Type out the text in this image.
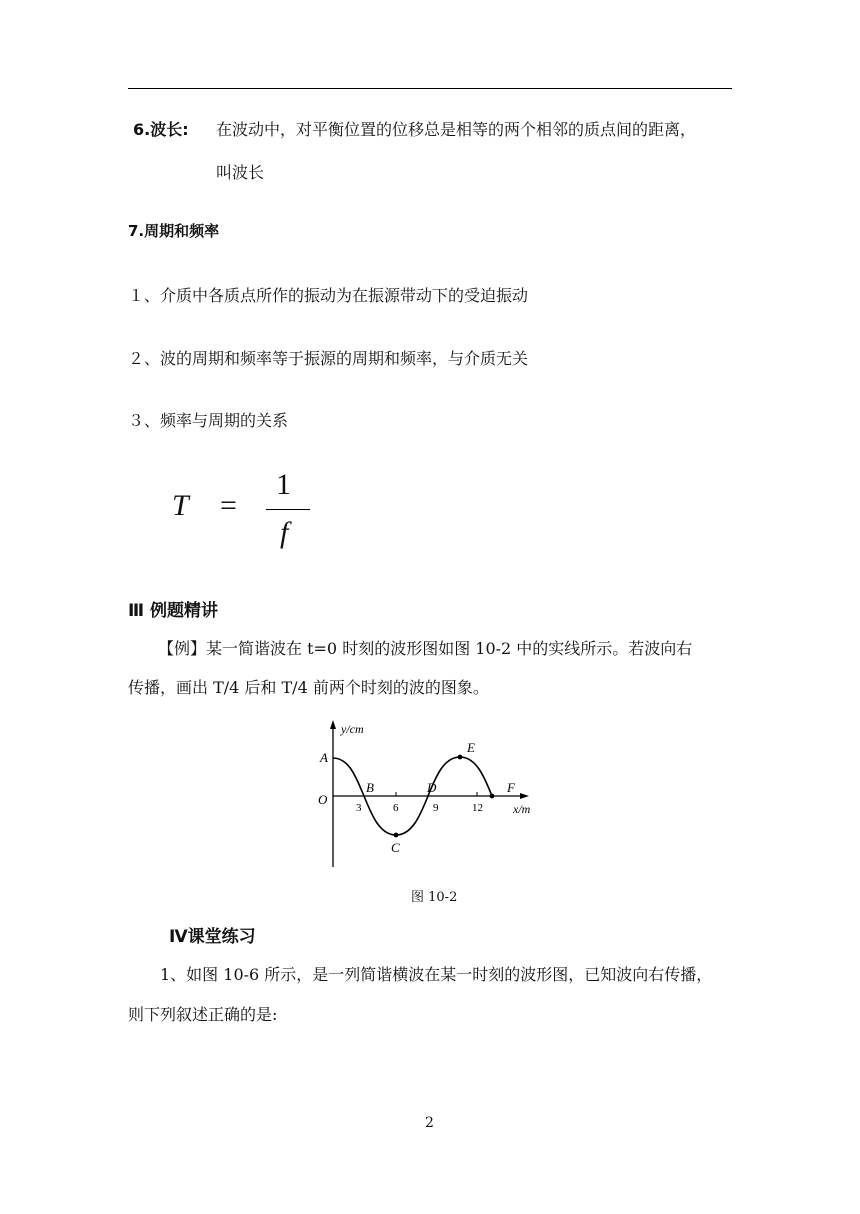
6.波长: 在波动中，对平衡位置的位移总是相等的两个相邻的质点间的距离，
叫波长
7.周期和频率
１、介质中各质点所作的振动为在振源带动下的受迫振动
２、波的周期和频率等于振源的周期和频率，与介质无关
３、频率与周期的关系
T =
1
f
Ⅲ 例题精讲
【例】某一简谐波在 t=0 时刻的波形图如图 10-2 中的实线所示。若波向右
传播，画出 T/4 后和 T/4 前两个时刻的波的图象。
y/cm
A
B
C
D
E
F
O
3	6	9	12	x/m
图 10-2
Ⅳ课堂练习
1、如图 10-6 所示，是一列简谐横波在某一时刻的波形图，已知波向右传播，
则下列叙述正确的是:
2
